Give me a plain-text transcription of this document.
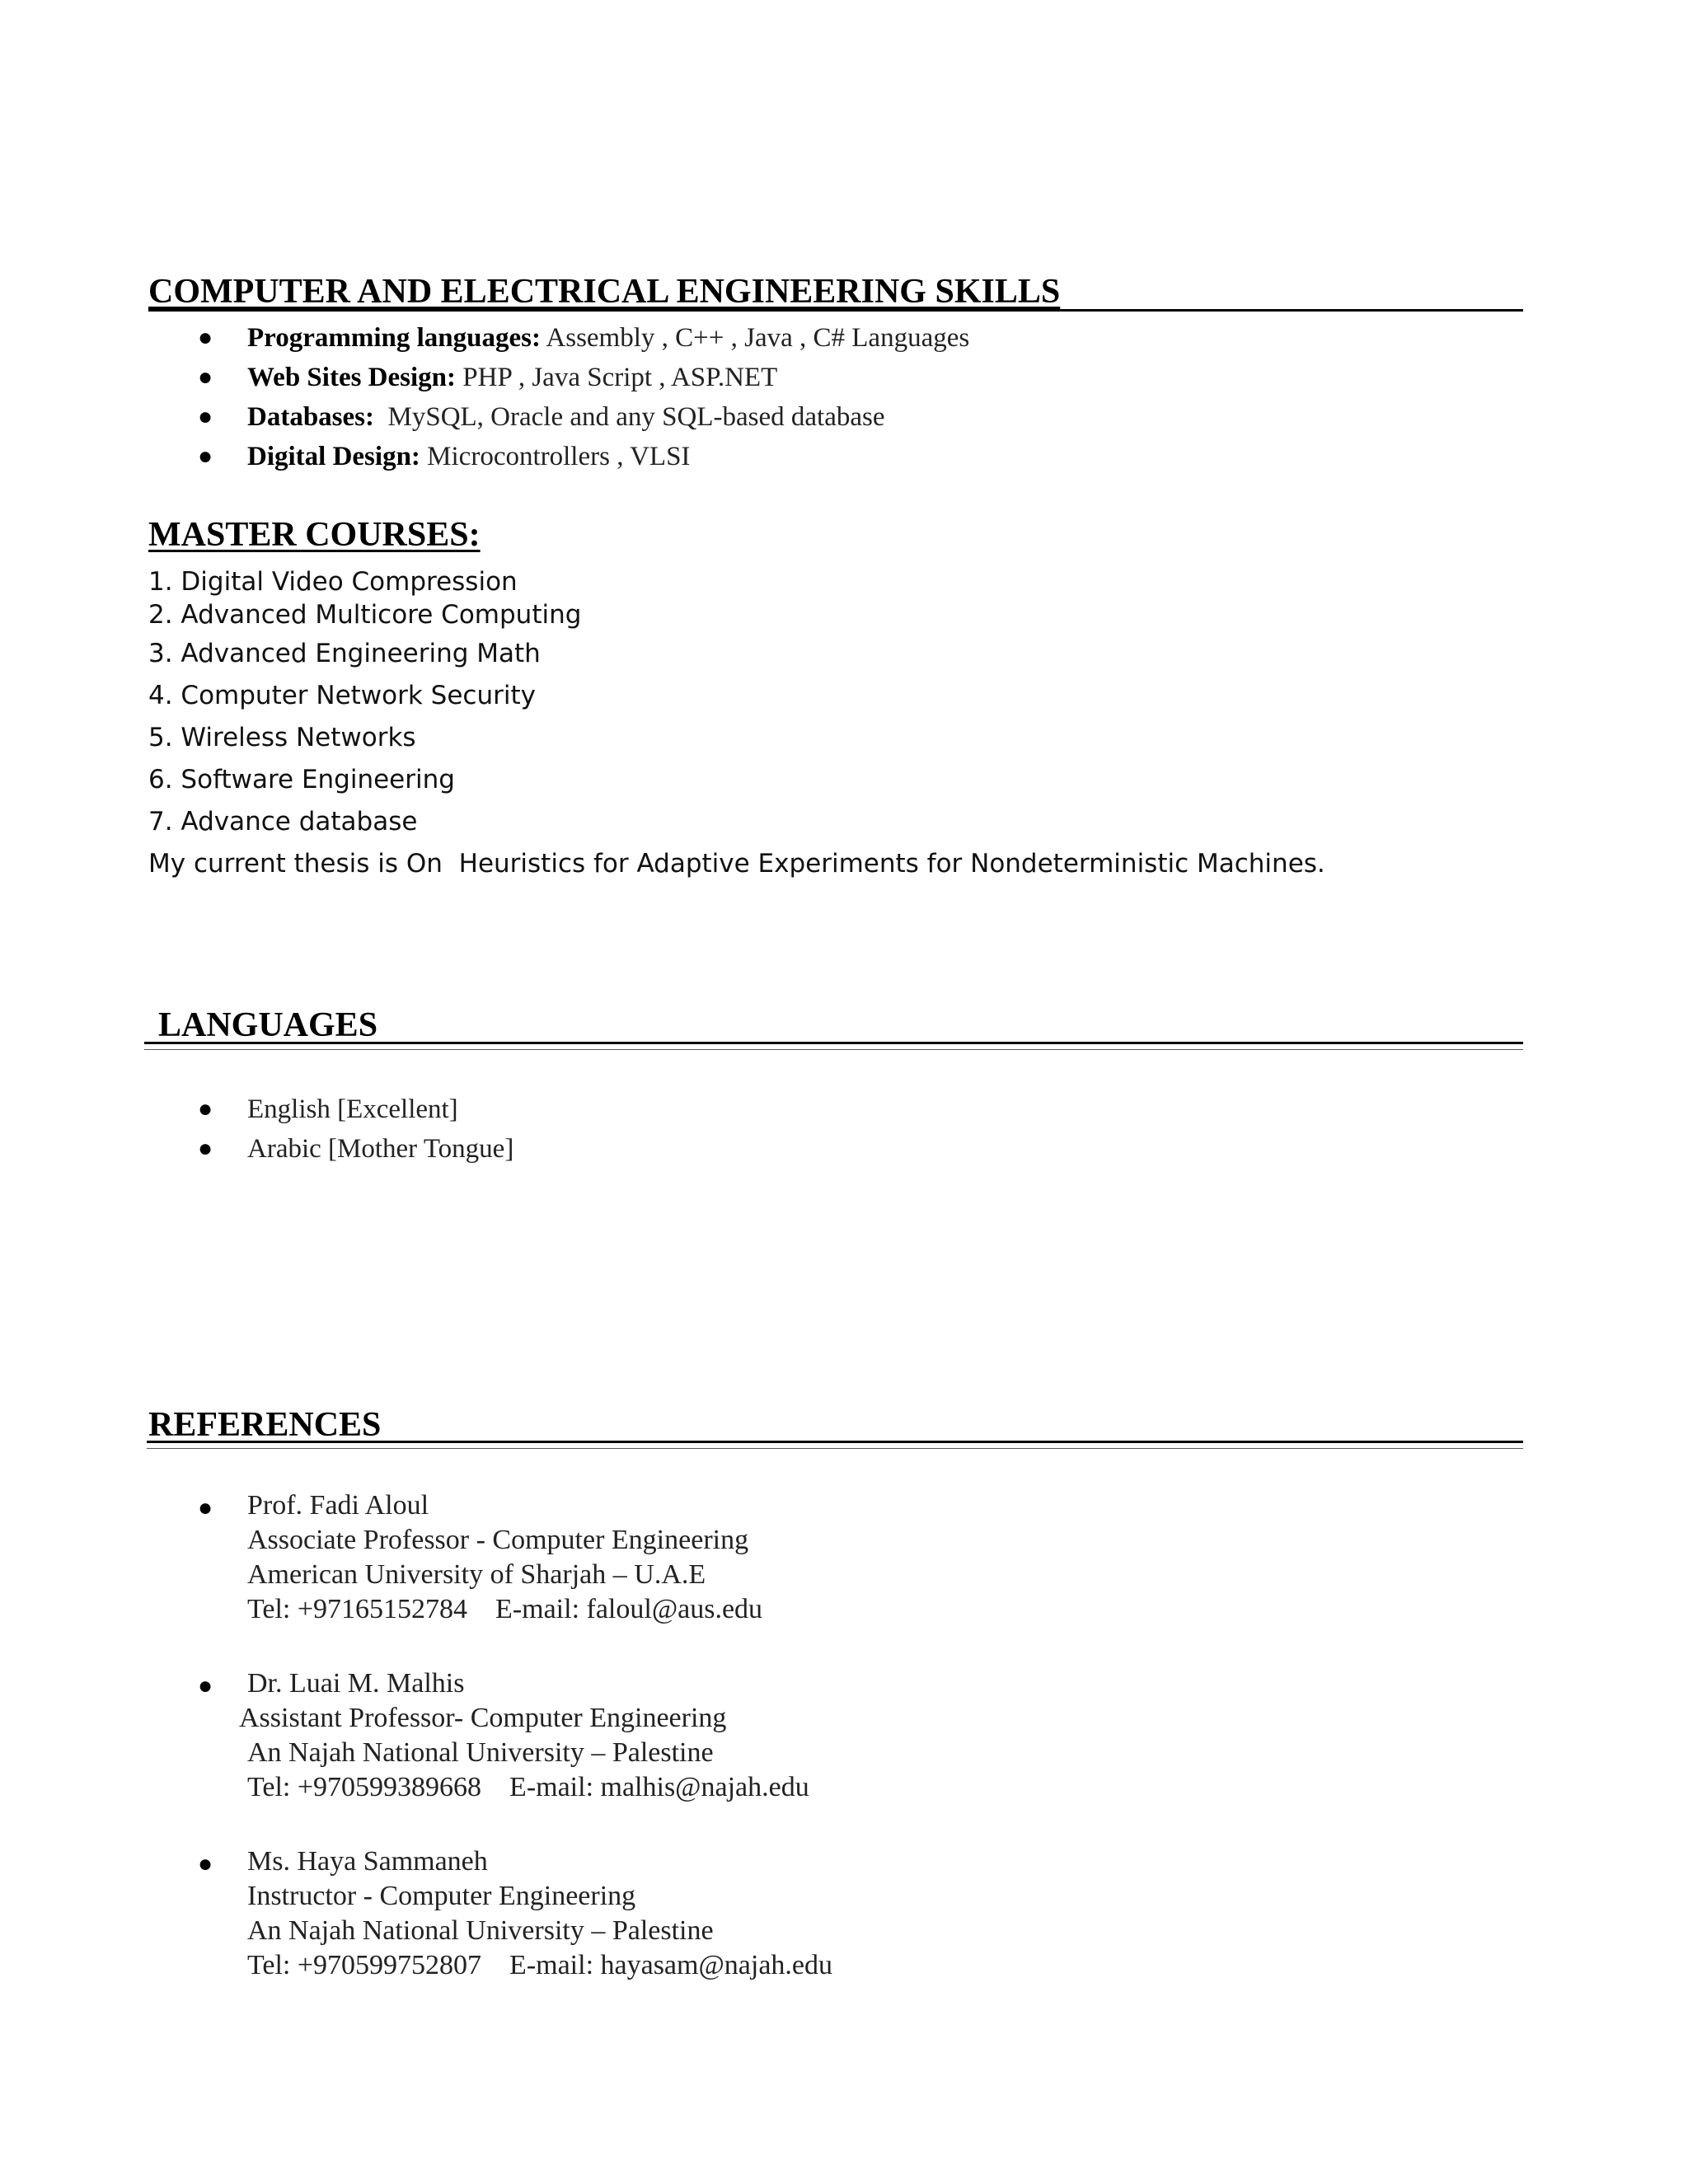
COMPUTER AND ELECTRICAL ENGINEERING SKILLS
● Programming languages: Assembly , C++ , Java , C# Languages
● Web Sites Design: PHP , Java Script , ASP.NET
● Databases:  MySQL, Oracle and any SQL-based database
● Digital Design: Microcontrollers , VLSI
MASTER COURSES:
1. Digital Video Compression
2. Advanced Multicore Computing
3. Advanced Engineering Math
4. Computer Network Security
5. Wireless Networks
6. Software Engineering
7. Advance database
My current thesis is On  Heuristics for Adaptive Experiments for Nondeterministic Machines.
LANGUAGES
● English [Excellent]
● Arabic [Mother Tongue]
REFERENCES
● Prof. Fadi Aloul
Associate Professor - Computer Engineering
American University of Sharjah – U.A.E
Tel: +97165152784    E-mail: faloul@aus.edu
● Dr. Luai M. Malhis
Assistant Professor- Computer Engineering
An Najah National University – Palestine
Tel: +970599389668    E-mail: malhis@najah.edu
● Ms. Haya Sammaneh
Instructor - Computer Engineering
An Najah National University – Palestine
Tel: +970599752807    E-mail: hayasam@najah.edu
